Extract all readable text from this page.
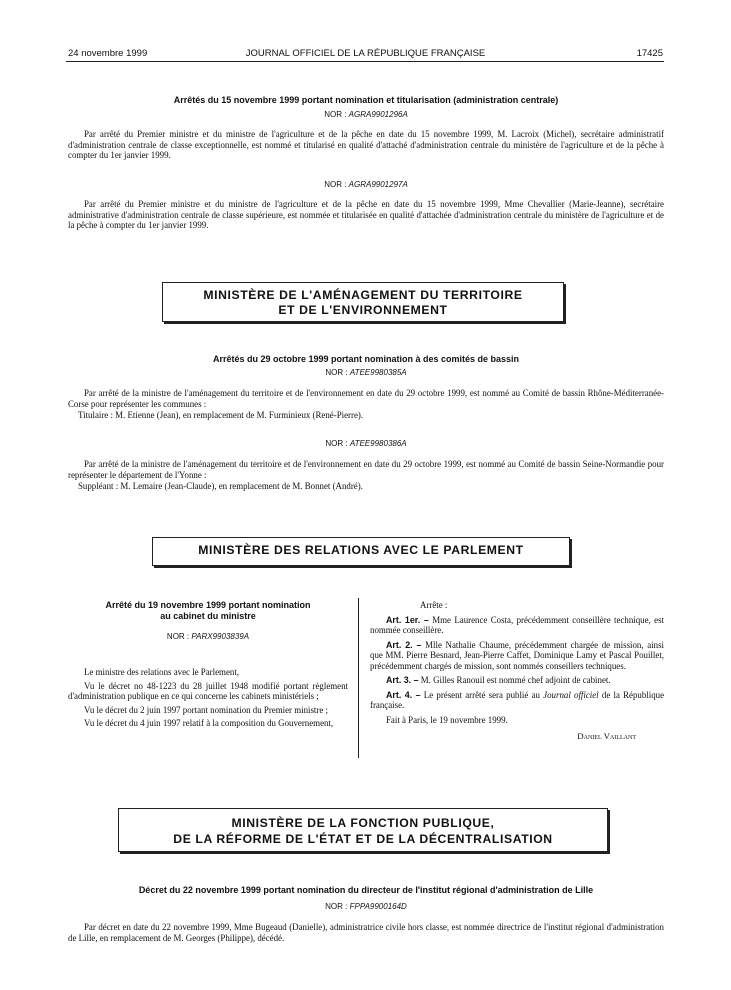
24 novembre 1999	JOURNAL OFFICIEL DE LA RÉPUBLIQUE FRANÇAISE	17425
Arrêtés du 15 novembre 1999 portant nomination et titularisation (administration centrale)
NOR : AGRA9901296A

Par arrêté du Premier ministre et du ministre de l'agriculture et de la pêche en date du 15 novembre 1999, M. Lacroix (Michel), secrétaire administratif d'administration centrale de classe exceptionnelle, est nommé et titularisé en qualité d'attaché d'administration centrale du ministère de l'agriculture et de la pêche à compter du 1er janvier 1999.

NOR : AGRA9901297A

Par arrêté du Premier ministre et du ministre de l'agriculture et de la pêche en date du 15 novembre 1999, Mme Chevallier (Marie-Jeanne), secrétaire administrative d'administration centrale de classe supérieure, est nommée et titularisée en qualité d'attachée d'administration centrale du ministère de l'agriculture et de la pêche à compter du 1er janvier 1999.

MINISTÈRE DE L'AMÉNAGEMENT DU TERRITOIRE
ET DE L'ENVIRONNEMENT
Arrêtés du 29 octobre 1999 portant nomination à des comités de bassin
NOR : ATEE9980385A

Par arrêté de la ministre de l'aménagement du territoire et de l'environnement en date du 29 octobre 1999, est nommé au Comité de bassin Rhône-Méditerranée-Corse pour représenter les communes :

Titulaire : M. Etienne (Jean), en remplacement de M. Furminieux (René-Pierre).

NOR : ATEE9980386A

Par arrêté de la ministre de l'aménagement du territoire et de l'environnement en date du 29 octobre 1999, est nommé au Comité de bassin Seine-Normandie pour représenter le département de l'Yonne :

Suppléant : M. Lemaire (Jean-Claude), en remplacement de M. Bonnet (André).

MINISTÈRE DES RELATIONS AVEC LE PARLEMENT
Arrêté du 19 novembre 1999 portant nomination
au cabinet du ministre
NOR : PARX9903839A

Le ministre des relations avec le Parlement,

Vu le décret no 48-1223 du 28 juillet 1948 modifié portant règlement d'administration publique en ce qui concerne les cabinets ministériels ;

Vu le décret du 2 juin 1997 portant nomination du Premier ministre ;

Vu le décret du 4 juin 1997 relatif à la composition du Gouvernement,

Arrête :

Art. 1er. – Mme Laurence Costa, précédemment conseillère technique, est nommée conseillère.

Art. 2. – Mlle Nathalie Chaume, précédemment chargée de mission, ainsi que MM. Pierre Besnard, Jean-Pierre Caffet, Dominique Lamy et Pascal Pouillet, précédemment chargés de mission, sont nommés conseillers techniques.

Art. 3. – M. Gilles Ranouil est nommé chef adjoint de cabinet.

Art. 4. – Le présent arrêté sera publié au Journal officiel de la République française.

Fait à Paris, le 19 novembre 1999.

Daniel Vaillant
MINISTÈRE DE LA FONCTION PUBLIQUE,
DE LA RÉFORME DE L'ÉTAT ET DE LA DÉCENTRALISATION
Décret du 22 novembre 1999 portant nomination du directeur de l'institut régional d'administration de Lille
NOR : FPPA9900164D

Par décret en date du 22 novembre 1999, Mme Bugeaud (Danielle), administratrice civile hors classe, est nommée directrice de l'institut régional d'administration de Lille, en remplacement de M. Georges (Philippe), décédé.
